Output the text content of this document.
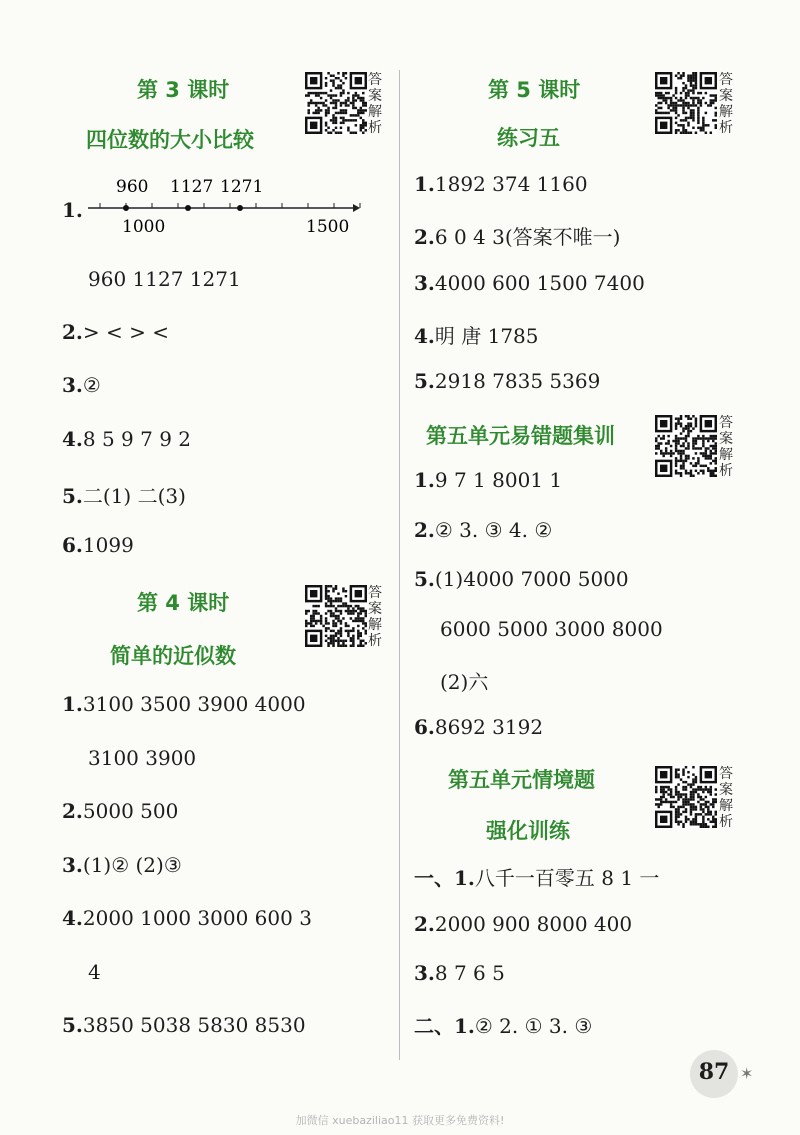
第 3 课时
四位数的大小比较
答案解析
1.
960 1127 1271
1000	1500
960 1127 1271
2.> < > <
3.②
4.8 5 9 7 9 2
5.二(1) 二(3)
6.1099
第 4 课时
简单的近似数
答案解析
1.3100 3500 3900 4000
3100 3900
2.5000 500
3.(1)② (2)③
4.2000 1000 3000 600 3
4
5.3850 5038 5830 8530
第 5 课时
练习五
答案解析
1.1892 374 1160
2.6 0 4 3(答案不唯一)
3.4000 600 1500 7400
4.明 唐 1785
5.2918 7835 5369
第五单元易错题集训
答案解析
1.9 7 1 8001 1
2.② 3. ③ 4. ②
5.(1)4000 7000 5000
6000 5000 3000 8000
(2)六
6.8692 3192
第五单元情境题
强化训练
答案解析
一、1.八千一百零五 8 1 一
2.2000 900 8000 400
3.8 7 6 5
二、1.② 2. ① 3. ③
87 ✶
加微信 xuebaziliao11 获取更多免费资料!
